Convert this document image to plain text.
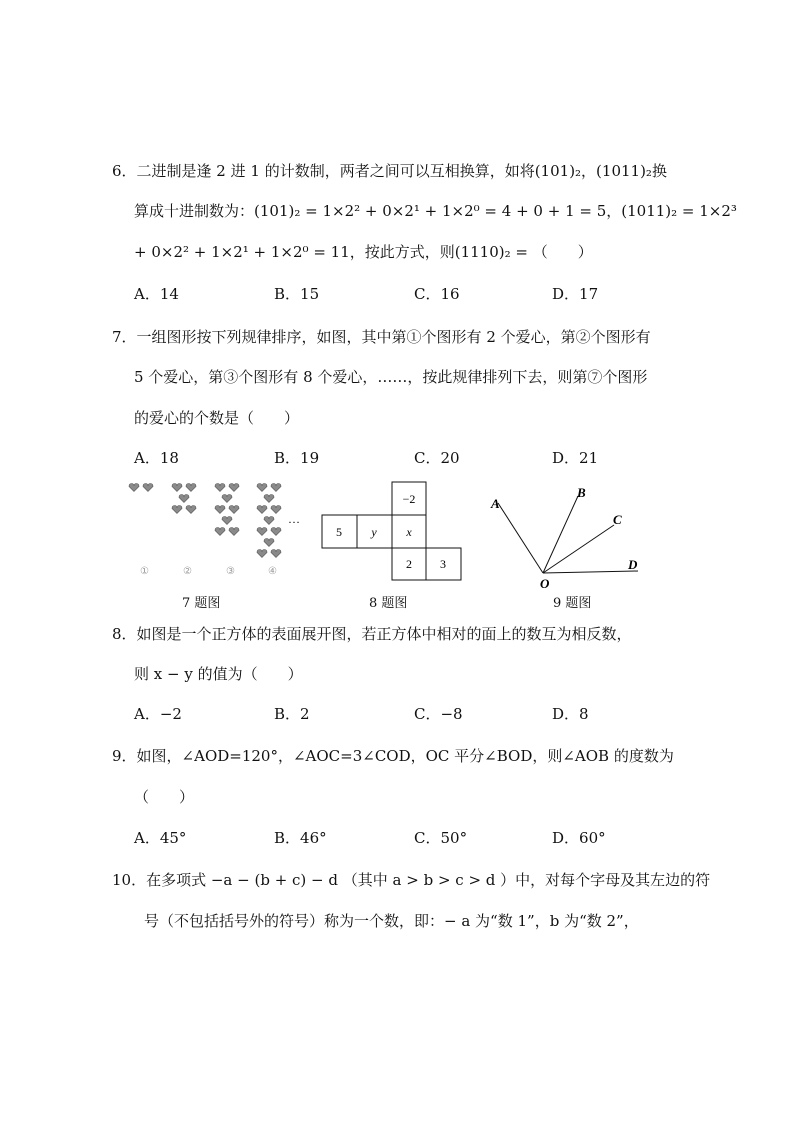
6．二进制是逢 2 进 1 的计数制，两者之间可以互相换算，如将(101)₂，(1011)₂换
算成十进制数为：(101)₂ = 1×2² + 0×2¹ + 1×2⁰ = 4 + 0 + 1 = 5，(1011)₂ = 1×2³
+ 0×2² + 1×2¹ + 1×2⁰ = 11，按此方式，则(1110)₂ = （　　）
A．14	B．15	C．16	D．17
7．一组图形按下列规律排序，如图，其中第①个图形有 2 个爱心，第②个图形有
5 个爱心，第③个图形有 8 个爱心，……，按此规律排列下去，则第⑦个图形
的爱心的个数是（　　）
A．18	B．19	C．20	D．21
…
①	②	③	④
7 题图
−2
5 y x
2 3
8 题图
A
B
C
D
O
9 题图
8．如图是一个正方体的表面展开图，若正方体中相对的面上的数互为相反数，
则 x − y 的值为（　　）
A．−2	B．2	C．−8	D．8
9．如图，∠AOD=120°，∠AOC=3∠COD，OC 平分∠BOD，则∠AOB 的度数为
（　　）
A．45°	B．46°	C．50°	D．60°
10．在多项式 −a − (b + c) − d （其中 a > b > c > d ）中，对每个字母及其左边的符
号（不包括括号外的符号）称为一个数，即：− a 为“数 1”，b 为“数 2”，
